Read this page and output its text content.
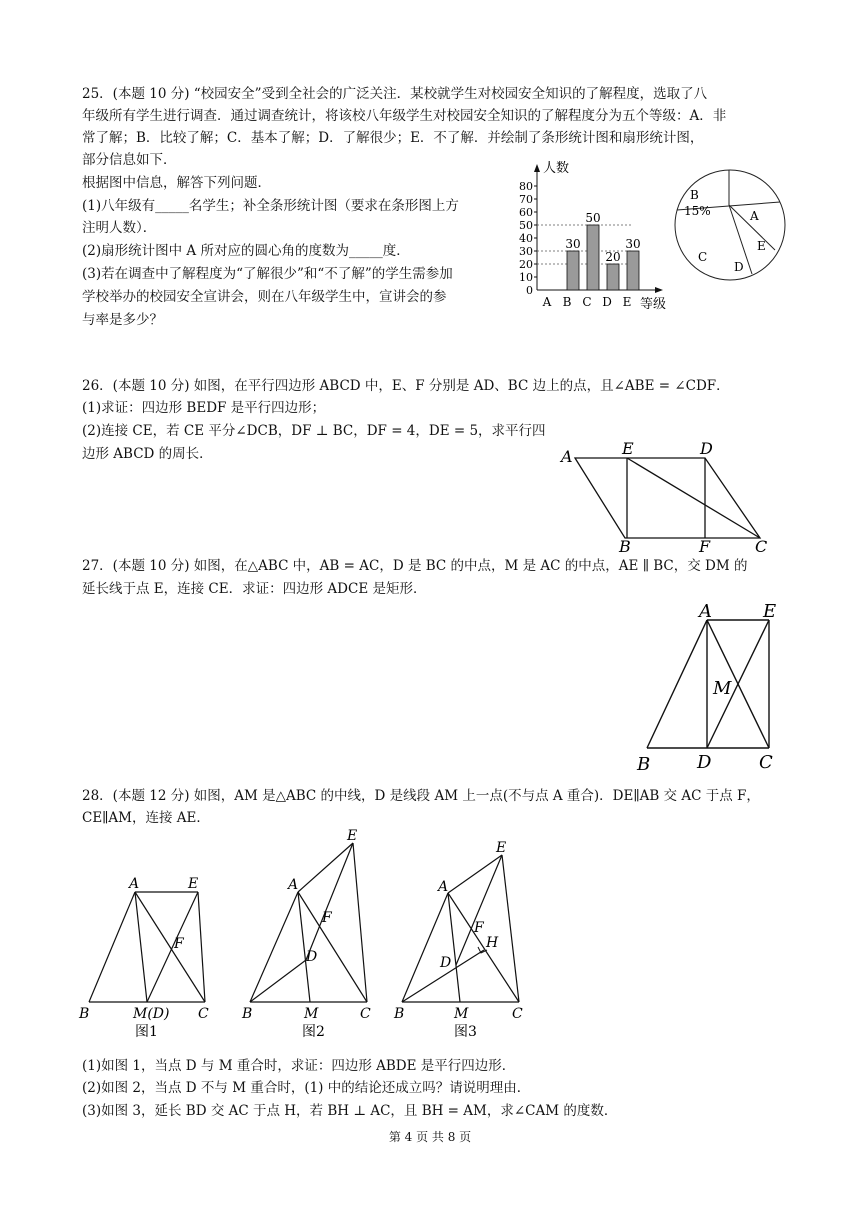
25．(本题 10 分) “校园安全”受到全社会的广泛关注．某校就学生对校园安全知识的了解程度，选取了八
年级所有学生进行调查．通过调查统计，将该校八年级学生对校园安全知识的了解程度分为五个等级：A．非
常了解；B．比较了解；C．基本了解；D．了解很少；E．不了解．并绘制了条形统计图和扇形统计图，
部分信息如下．
根据图中信息，解答下列问题．
(1)八年级有_____名学生；补全条形统计图（要求在条形图上方
注明人数）．
(2)扇形统计图中 A 所对应的圆心角的度数为_____度．
(3)若在调查中了解程度为“了解很少”和“不了解”的学生需参加
学校举办的校园安全宣讲会，则在八年级学生中，宣讲会的参
与率是多少？
0
10
20
30
40
50
60
70
80
A B
30
C
50
D
20
E
30
人数
等级
B
15%	A
C
D
E
26．(本题 10 分) 如图，在平行四边形 ABCD 中，E、F 分别是 AD、BC 边上的点，且∠ABE = ∠CDF．
(1)求证：四边形 BEDF 是平行四边形；
(2)连接 CE，若 CE 平分∠DCB，DF ⊥ BC，DF = 4，DE = 5，求平行四
边形 ABCD 的周长．	A	E	D
B	F	C
27．(本题 10 分) 如图，在△ABC 中，AB = AC，D 是 BC 的中点，M 是 AC 的中点，AE ∥ BC，交 DM 的
延长线于点 E，连接 CE．求证：四边形 ADCE 是矩形．
A	E
M
B	D	C
28．(本题 12 分) 如图，AM 是△ABC 的中线，D 是线段 AM 上一点(不与点 A 重合)．DE∥AB 交 AC 于点 F，
CE∥AM，连接 AE．
A	E
F
B	M(D) C
图1
E
A
F
D
B	M	C
图2
E
A
F
H
D
B	M	C
图3
(1)如图 1，当点 D 与 M 重合时，求证：四边形 ABDE 是平行四边形．
(2)如图 2，当点 D 不与 M 重合时，(1) 中的结论还成立吗？请说明理由．
(3)如图 3，延长 BD 交 AC 于点 H，若 BH ⊥ AC，且 BH = AM，求∠CAM 的度数．
第 4 页 共 8 页
